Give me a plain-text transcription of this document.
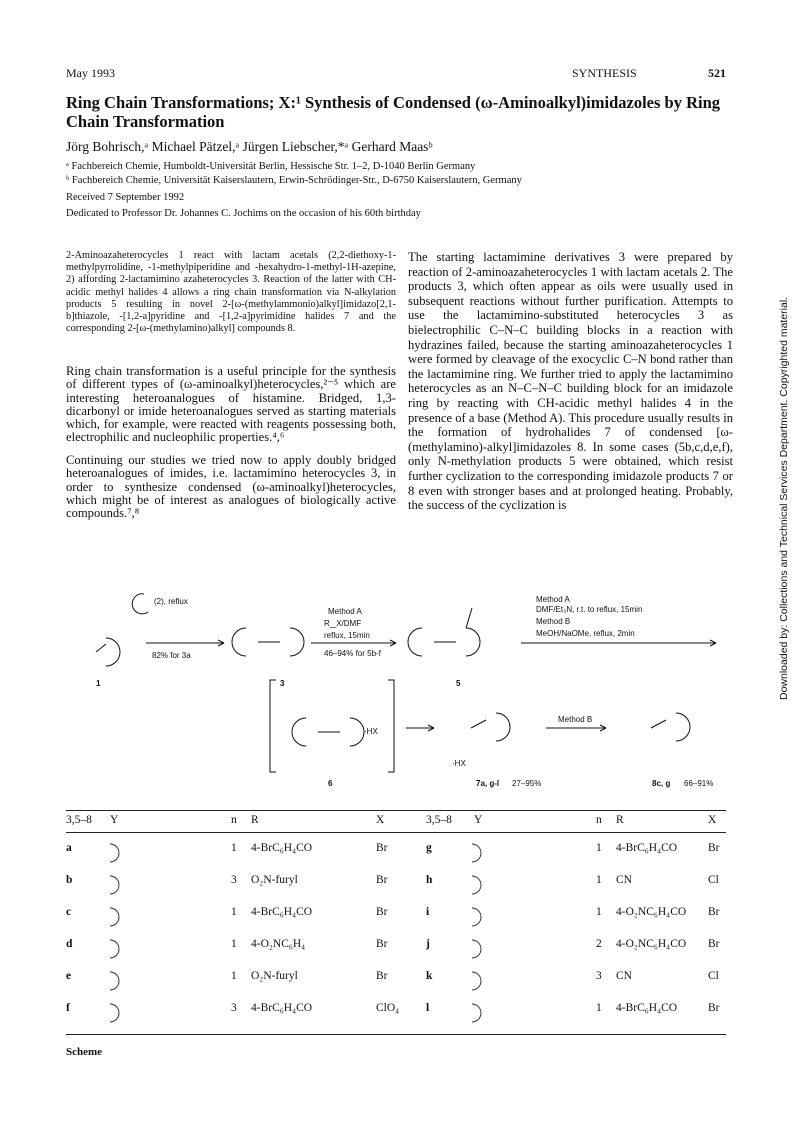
May 1993	SYNTHESIS	521
Ring Chain Transformations; X:¹ Synthesis of Condensed (ω-Aminoalkyl)imidazoles by Ring Chain Transformation
Jörg Bohrisch,ᵃ Michael Pätzel,ᵃ Jürgen Liebscher,*ᵃ Gerhard Maasᵇ
ᵃ Fachbereich Chemie, Humboldt-Universität Berlin, Hessische Str. 1–2, D-1040 Berlin Germany
ᵇ Fachbereich Chemie, Universität Kaiserslautern, Erwin-Schrödinger-Str., D-6750 Kaiserslautern, Germany
Received 7 September 1992
Dedicated to Professor Dr. Johannes C. Jochims on the occasion of his 60th birthday
2-Aminoazaheterocycles 1 react with lactam acetals (2,2-diethoxy-1-methylpyrrolidine, -1-methylpiperidine and -hexahydro-1-methyl-1H-azepine, 2) affording 2-lactamimino azaheterocycles 3. Reaction of the latter with CH-acidic methyl halides 4 allows a ring chain transformation via N-alkylation products 5 resulting in novel 2-[ω-(methylammonio)alkyl]imidazo[2,1-b]thiazole, -[1,2-a]pyridine and -[1,2-a]pyrimidine halides 7 and the corresponding 2-[ω-(methylamino)alkyl] compounds 8.

Ring chain transformation is a useful principle for the synthesis of different types of (ω-aminoalkyl)heterocycles,²⁻⁵ which are interesting heteroanalogues of histamine. Bridged, 1,3-dicarbonyl or imide heteroanalogues served as starting materials which, for example, were reacted with reagents possessing both, electrophilic and nucleophilic properties.⁴,⁶

Continuing our studies we tried now to apply doubly bridged heteroanalogues of imides, i.e. lactamimino heterocycles 3, in order to synthesize condensed (ω-aminoalkyl)heterocycles, which might be of interest as analogues of biologically active compounds.⁷,⁸

The starting lactamimine derivatives 3 were prepared by reaction of 2-aminoazaheterocycles 1 with lactam acetals 2. The products 3, which often appear as oils were usually used in subsequent reactions without further purification. Attempts to use the lactamimino-substituted heterocycles 3 as bielectrophilic C–N–C building blocks in a reaction with hydrazines failed, because the starting aminoazaheterocycles 1 were formed by cleavage of the exocyclic C–N bond rather than the lactamimine ring. We further tried to apply the lactamimino heterocycles as an N–C–N–C building block for an imidazole ring by reacting with CH-acidic methyl halides 4 in the presence of a base (Method A). This procedure usually results in the formation of hydrohalides 7 of condensed [ω-(methylamino)-alkyl]imidazoles 8. In some cases (5b,c,d,e,f), only N-methylation products 5 were obtained, which resist further cyclization to the corresponding imidazole products 7 or 8 even with stronger bases and at prolonged heating. Probably, the success of the cyclization is	Downloaded by: Collections and Technical Services Department. Copyrighted material.
(2), reflux
82% for 3a
Method A
R‿X/DMF
reflux, 15min
46–94% for 5b-f
Method A
DMF/Et₃N, r.t. to reflux, 15min
Method B
MeOH/NaOMe, reflux, 2min
1	3	5
6
·HX
·HX
Method B
7a, g-l 27–95%	8c, g 66–91%
3,5–8 Y	n R	X	3,5–8 Y	n R	X
a	1 4-BrC₆H₄CO	Br	g	1 4-BrC₆H₄CO	Br
b	3 O₂N-furyl	Br	h	1 CN	Cl
c	1 4-BrC₆H₄CO	Br	i	1 4-O₂NC₆H₄CO Br
d	1 4-O₂NC₆H₄	Br	j	2 4-O₂NC₆H₄CO Br
e	1 O₂N-furyl	Br	k	3 CN	Cl
f	3 4-BrC₆H₄CO	ClO₄ l	1 4-BrC₆H₄CO	Br
Scheme
